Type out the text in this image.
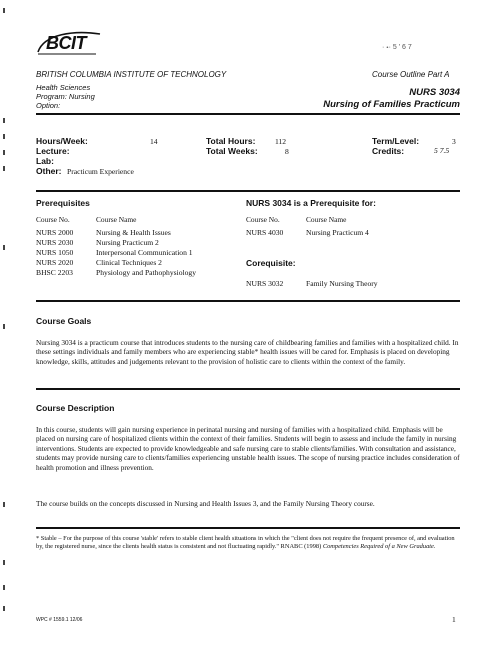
BCIT	· 🞄· 5 ' 6 7
BRITISH COLUMBIA INSTITUTE OF TECHNOLOGY	Course Outline Part A
Health Sciences
Program: Nursing
Option:
NURS 3034
Nursing of Families Practicum
Hours/Week:	14
Lecture:
Lab:
Other: Practicum Experience
Total Hours:	112
Total Weeks:	8
Term/Level:	3
Credits:	5 7.5
Prerequisites
Course No.	Course Name
NURS 2000	Nursing & Health Issues
NURS 2030	Nursing Practicum 2
NURS 1050	Interpersonal Communication 1
NURS 2020	Clinical Techniques 2
BHSC 2203	Physiology and Pathophysiology
NURS 3034 is a Prerequisite for:
Course No.	Course Name
NURS 4030	Nursing Practicum 4
Corequisite:
NURS 3032	Family Nursing Theory
Course Goals
Nursing 3034 is a practicum course that introduces students to the nursing care of childbearing families and families with a hospitalized child. In these settings individuals and family members who are experiencing stable* health issues will be cared for. Emphasis is placed on developing knowledge, skills, attitudes and judgements relevant to the provision of holistic care to clients within the context of the family.
Course Description
In this course, students will gain nursing experience in perinatal nursing and nursing of families with a hospitalized child. Emphasis will be placed on nursing care of hospitalized clients within the context of their families. Students will begin to assess and include the family in nursing interventions. Students are expected to provide knowledgeable and safe nursing care to stable clients/families. With consultation and assistance, students may provide nursing care to clients/families experiencing unstable health issues. The scope of nursing practice includes consideration of health promotion and illness prevention.
The course builds on the concepts discussed in Nursing and Health Issues 3, and the Family Nursing Theory course.
* Stable – For the purpose of this course 'stable' refers to stable client health situations in which the "client does not require the frequent presence of, and evaluation by, the registered nurse, since the clients health status is consistent and not fluctuating rapidly." RNABC (1998) Competencies Required of a New Graduate.
WPC # 1559.1 12/06	1
